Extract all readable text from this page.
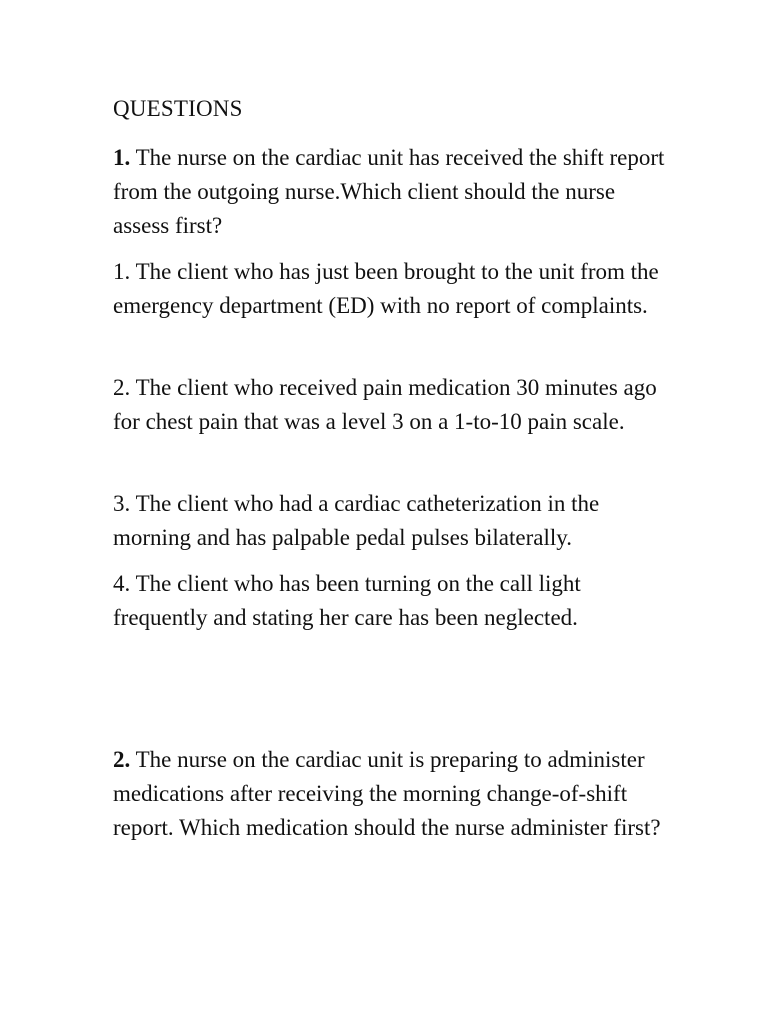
QUESTIONS

1. The nurse on the cardiac unit has received the shift report from the outgoing nurse.Which client should the nurse assess first?

1. The client who has just been brought to the unit from the emergency department (ED) with no report of complaints.

2. The client who received pain medication 30 minutes ago for chest pain that was a level 3 on a 1-to-10 pain scale.

3. The client who had a cardiac catheterization in the morning and has palpable pedal pulses bilaterally.

4. The client who has been turning on the call light frequently and stating her care has been neglected.

2. The nurse on the cardiac unit is preparing to administer medications after receiving the morning change-of-shift report. Which medication should the nurse administer first?
